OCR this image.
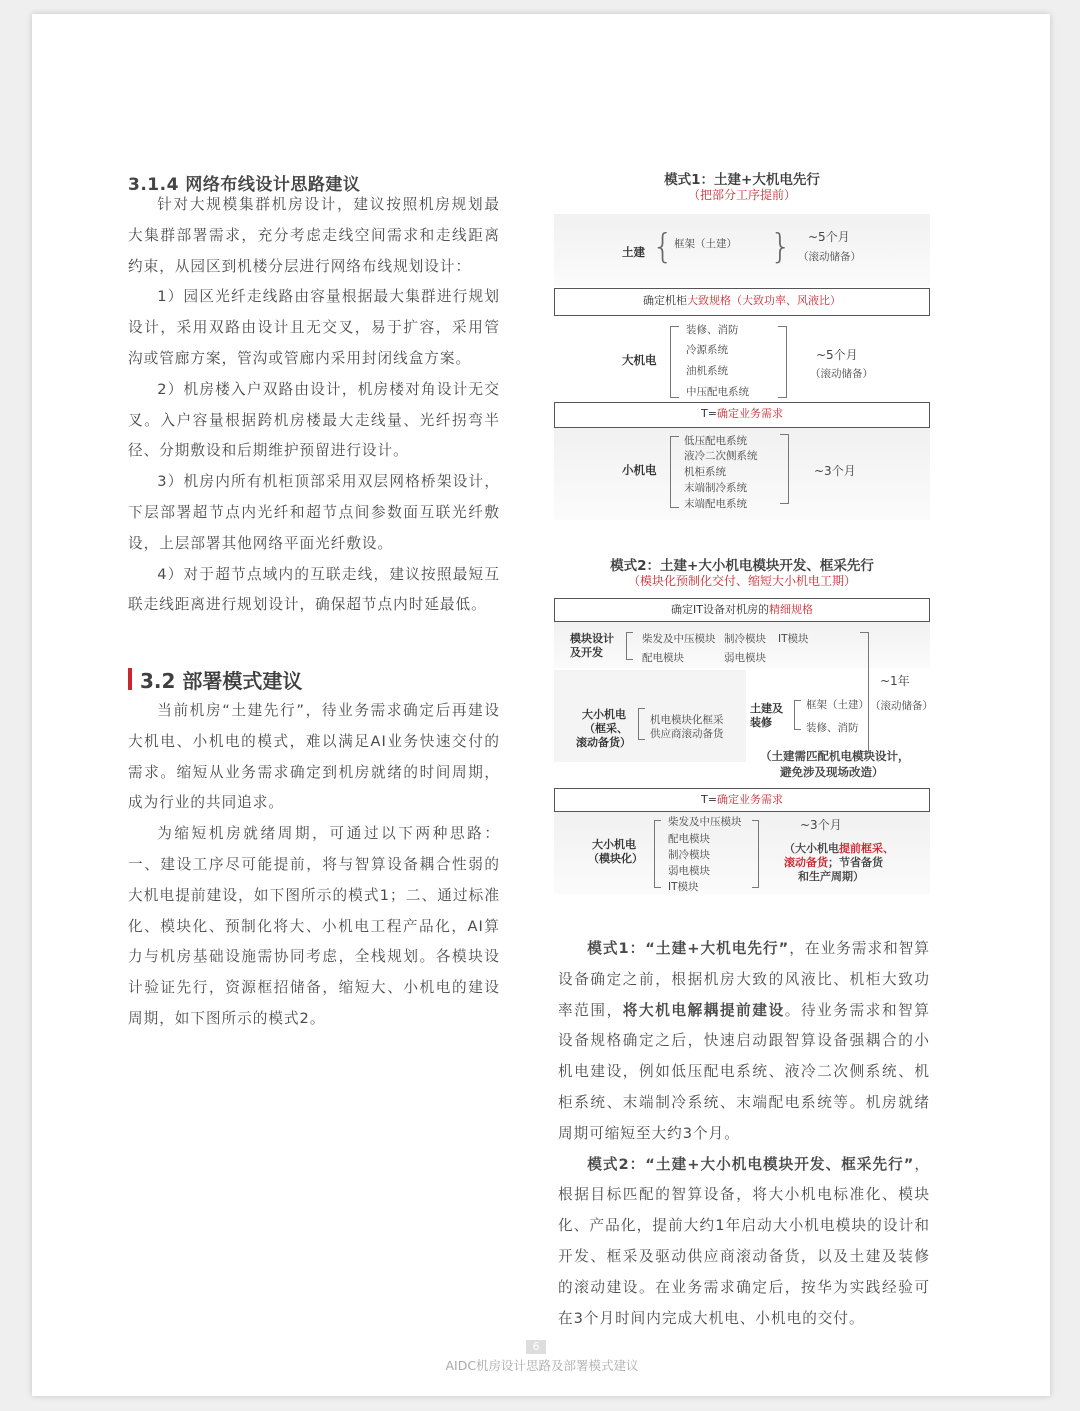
3.1.4 网络布线设计思路建议
针对大规模集群机房设计，建议按照机房规划最大集群部署需求，充分考虑走线空间需求和走线距离约束，从园区到机楼分层进行网络布线规划设计：
1）园区光纤走线路由容量根据最大集群进行规划设计，采用双路由设计且无交叉，易于扩容，采用管沟或管廊方案，管沟或管廊内采用封闭线盒方案。
2）机房楼入户双路由设计，机房楼对角设计无交叉。入户容量根据跨机房楼最大走线量、光纤拐弯半径、分期敷设和后期维护预留进行设计。
3）机房内所有机柜顶部采用双层网格桥架设计，下层部署超节点内光纤和超节点间参数面互联光纤敷设，上层部署其他网络平面光纤敷设。
4）对于超节点域内的互联走线，建议按照最短互联走线距离进行规划设计，确保超节点内时延最低。
3.2 部署模式建议
当前机房“土建先行”，待业务需求确定后再建设大机电、小机电的模式，难以满足AI业务快速交付的需求。缩短从业务需求确定到机房就绪的时间周期，成为行业的共同追求。
为缩短机房就绪周期，可通过以下两种思路：一、建设工序尽可能提前，将与智算设备耦合性弱的大机电提前建设，如下图所示的模式1；二、通过标准化、模块化、预制化将大、小机电工程产品化，AI算力与机房基础设施需协同考虑，全栈规划。各模块设计验证先行，资源框招储备，缩短大、小机电的建设周期，如下图所示的模式2。
模式1：土建+大机电先行
（把部分工序提前）
土建 { 框架（土建） } ~5个月
（滚动储备）
确定机柜大致规格（大致功率、风液比）
大机电
装修、消防
冷源系统
油机系统
中压配电系统
~5个月
（滚动储备）
T=确定业务需求
小机电
低压配电系统
液冷二次侧系统
机柜系统
末端制冷系统
末端配电系统
~3个月
模式2：土建+大小机电模块开发、框采先行
（模块化预制化交付、缩短大小机电工期）
确定IT设备对机房的精细规格
模块设计
及开发
柴发及中压模块 制冷模块 IT模块
配电模块	弱电模块
~1年
（滚动储备）
大小机电
（框采、
滚动备货）
机电模块化框采
供应商滚动备货
土建及
装修
框架（土建）
装修、消防
（土建需匹配机电模块设计，
避免涉及现场改造）
T=确定业务需求
大小机电
（模块化）
柴发及中压模块
配电模块
制冷模块
弱电模块
IT模块
~3个月
（大小机电提前框采、
滚动备货；节省备货
和生产周期）
模式1：“土建+大机电先行”，在业务需求和智算设备确定之前，根据机房大致的风液比、机柜大致功率范围，将大机电解耦提前建设。待业务需求和智算设备规格确定之后，快速启动跟智算设备强耦合的小机电建设，例如低压配电系统、液冷二次侧系统、机柜系统、末端制冷系统、末端配电系统等。机房就绪周期可缩短至大约3个月。
模式2：“土建+大小机电模块开发、框采先行”，根据目标匹配的智算设备，将大小机电标准化、模块化、产品化，提前大约1年启动大小机电模块的设计和开发、框采及驱动供应商滚动备货，以及土建及装修的滚动建设。在业务需求确定后，按华为实践经验可在3个月时间内完成大机电、小机电的交付。
6
AIDC机房设计思路及部署模式建议
